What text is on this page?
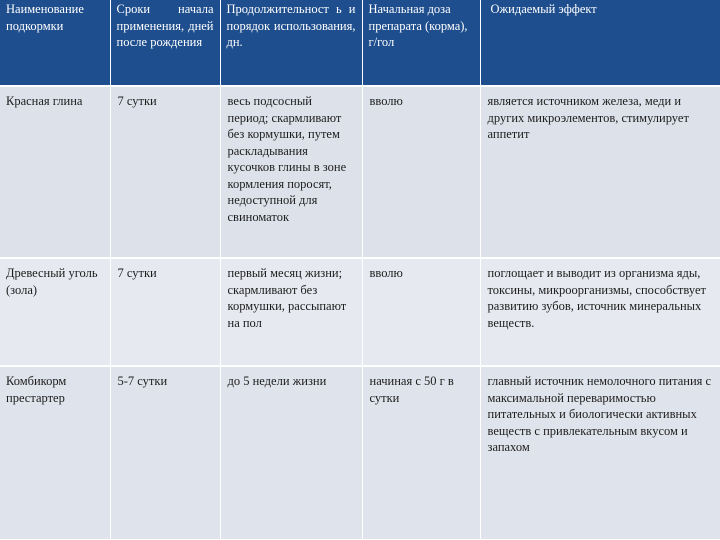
Наименование подкормки	Сроки начала применения, дней после рождения	Продолжительност ь и порядок использования, дн.	Начальная доза препарата (корма), г/гол	Ожидаемый эффект

Красная глина	7 сутки	весь подсосный период; скармливают без кормушки, путем раскладывания кусочков глины в зоне кормления поросят, недоступной для свиноматок	вволю	является источником железа, меди и других микроэлементов, стимулирует аппетит

Древесный уголь (зола)	7 сутки	первый месяц жизни; скармливают без кормушки, рассыпают на пол	вволю	поглощает и выводит из организма яды, токсины, микроорганизмы, способствует развитию зубов, источник минеральных веществ.

Комбикорм престартер	5-7 сутки	до 5 недели жизни	начиная с 50 г в сутки	главный источник немолочного питания с максимальной переваримостью питательных и биологически активных веществ с привлекательным вкусом и запахом
